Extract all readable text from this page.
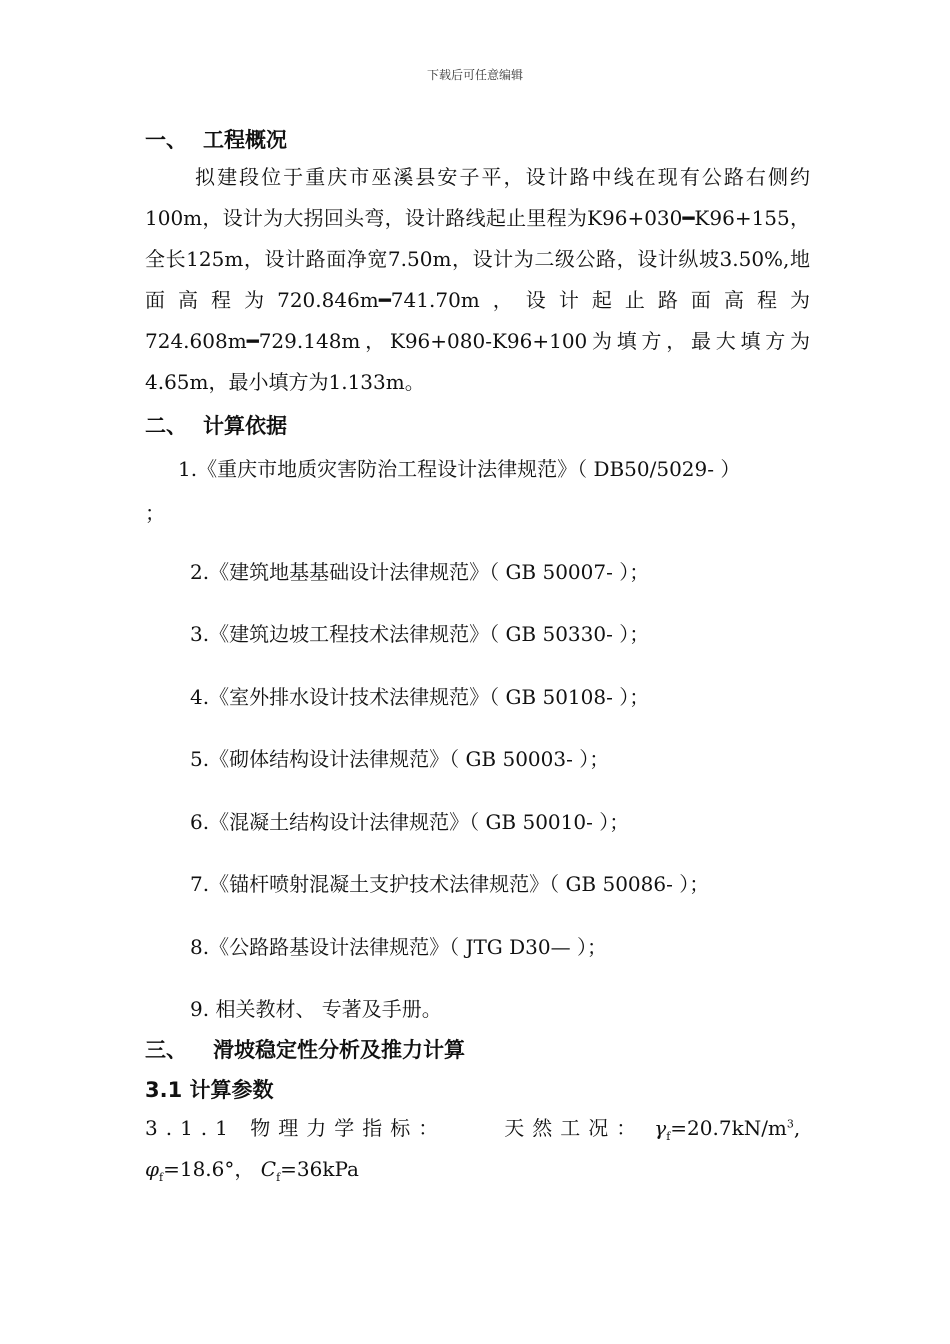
下载后可任意编辑
一、 工程概况
拟建段位于重庆市巫溪县安子平，设计路中线在现有公路右侧约100m，设计为大拐回头弯，设计路线起止里程为K96+030━K96+155，全长125m，设计路面净宽7.50m，设计为二级公路，设计纵坡3.50%,地面高程为720.846m━741.70m，设计起止路面高程为724.608m━729.148m，K96+080-K96+100为填方，最大填方为4.65m，最小填方为1.133m。
二、 计算依据
1.《重庆市地质灾害防治工程设计法律规范》（ DB50/5029- ）
；
2.《建筑地基基础设计法律规范》（ GB 50007- ）；
3.《建筑边坡工程技术法律规范》（ GB 50330- ）；
4.《室外排水设计技术法律规范》（ GB 50108- ）；
5.《砌体结构设计法律规范》（ GB 50003- ）；
6.《混凝土结构设计法律规范》（ GB 50010- ）；
7.《锚杆喷射混凝土支护技术法律规范》（ GB 50086- ）；
8.《公路路基设计法律规范》（ JTG D30— ）；
9. 相关教材、 专著及手册。
三、 滑坡稳定性分析及推力计算
3.1 计算参数
3.1.1 物理力学指标：	天然工况： $\gamma_f=20.7kN/m^3$,
$\varphi_f=18.6^\circ$， $C_f=36kPa$
